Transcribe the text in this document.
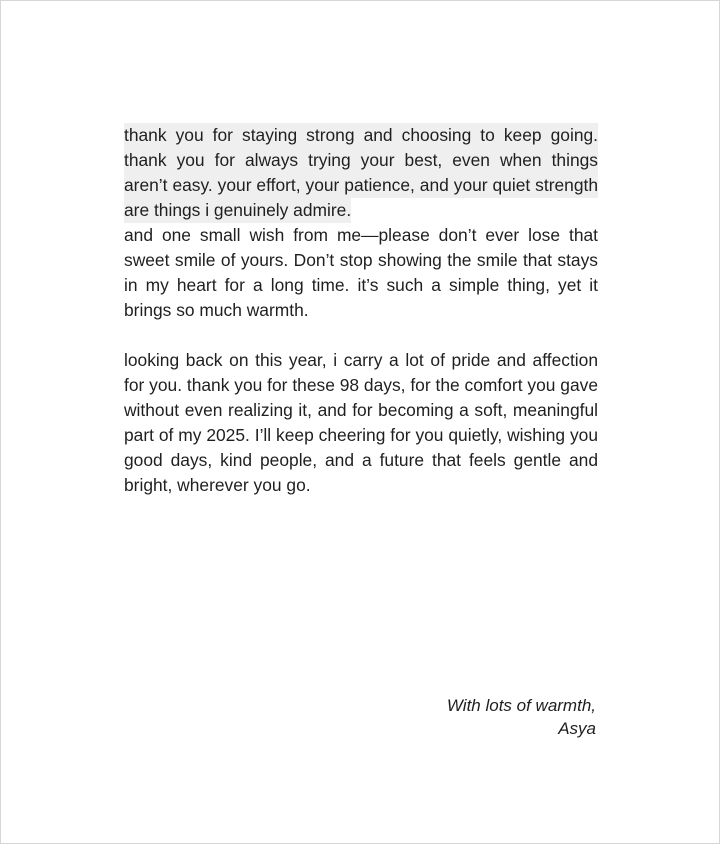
thank you for staying strong and choosing to keep going. thank you for always trying your best, even when things aren’t easy. your effort, your patience, and your quiet strength are things i genuinely admire.

and one small wish from me—please don’t ever lose that sweet smile of yours. Don’t stop showing the smile that stays in my heart for a long time. it’s such a simple thing, yet it brings so much warmth.

looking back on this year, i carry a lot of pride and affection for you. thank you for these 98 days, for the comfort you gave without even realizing it, and for becoming a soft, meaningful part of my 2025. I’ll keep cheering for you quietly, wishing you good days, kind people, and a future that feels gentle and bright, wherever you go.

With lots of warmth,
Asya
